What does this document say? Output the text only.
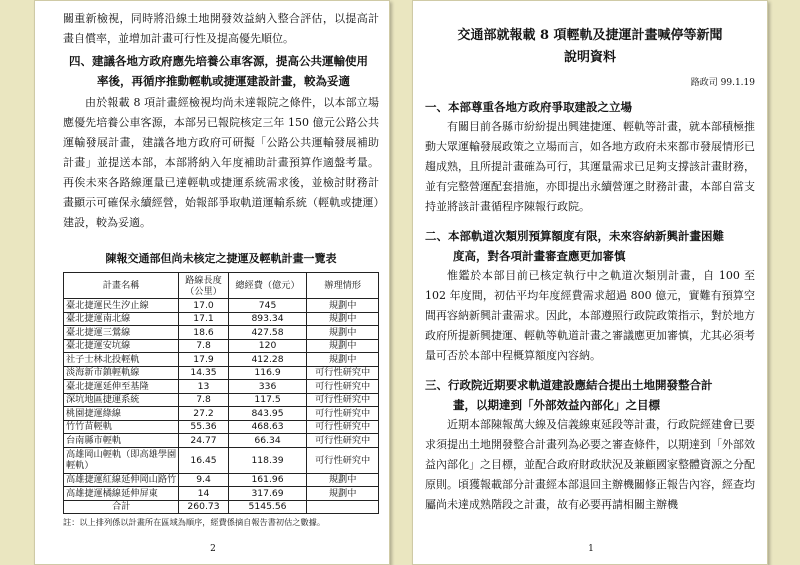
關重新檢視，同時將沿線土地開發效益納入整合評估，以提高計畫自償率，並增加計畫可行性及提高優先順位。

四、建議各地方政府應先培養公車客源，提高公共運輸使用
率後，再循序推動輕軌或捷運建設計畫，較為妥適

由於報載 8 項計畫經檢視均尚未達報院之條件，以本部立場應優先培養公車客源，本部另已報院核定三年 150 億元公路公共運輸發展計畫，建議各地方政府可研擬「公路公共運輸發展補助計畫」並提送本部，本部將納入年度補助計畫預算作適盤考量。再俟未來各路線運量已達輕軌或捷運系統需求後，並檢討財務計畫顯示可確保永續經營，始報部爭取軌道運輸系統（輕軌或捷運）建設，較為妥適。

陳報交通部但尚未核定之捷運及輕軌計畫一覽表
計畫名稱	路線長度（公里）	總經費（億元）	辦理情形
臺北捷運民生汐止線	17.0	745	規劃中
臺北捷運南北線	17.1	893.34	規劃中
臺北捷運三鶯線	18.6	427.58	規劃中
臺北捷運安坑線	7.8	120	規劃中
社子士林北投輕軌	17.9	412.28	規劃中
淡海新市鎮輕軌線	14.35	116.9	可行性研究中
臺北捷運延伸至基隆	13	336	可行性研究中
深坑地區捷運系統	7.8	117.5	可行性研究中
桃園捷運綠線	27.2	843.95	可行性研究中
竹竹苗輕軌	55.36	468.63	可行性研究中
台南縣市輕軌	24.77	66.34	可行性研究中
高雄岡山輕軌（即高雄學園輕軌）	16.45	118.39	可行性研究中
高雄捷運紅線延伸岡山路竹	9.4	161.96	規劃中
高雄捷運橘線延伸屏東	14	317.69	規劃中
合計	260.73	5145.56	
註：以上排列係以計畫所在區域為順序，經費係摘自報告書初估之數據。
2
交通部就報載 8 項輕軌及捷運計畫喊停等新聞
說明資料
路政司 99.1.19
一、本部尊重各地方政府爭取建設之立場

有關目前各縣市紛紛提出興建捷運、輕軌等計畫，就本部積極推動大眾運輸發展政策之立場而言，如各地方政府未來都市發展情形已趨成熟，且所提計畫確為可行，其運量需求已足夠支撐該計畫財務，並有完整營運配套措施，亦即提出永續營運之財務計畫，本部自當支持並將該計畫循程序陳報行政院。

二、本部軌道次類別預算額度有限，未來容納新興計畫困難
度高，對各項計畫審查應更加審慎

惟鑑於本部目前已核定執行中之軌道次類別計畫，自 100 至 102 年度間，初估平均年度經費需求超過 800 億元，實難有預算空間再容納新興計畫需求。因此，本部遵照行政院政策指示，對於地方政府所提新興捷運、輕軌等軌道計畫之審議應更加審慎，尤其必須考量可否於本部中程概算額度內容納。

三、行政院近期要求軌道建設應結合提出土地開發整合計
畫，以期達到「外部效益內部化」之目標

近期本部陳報萬大線及信義線東延段等計畫，行政院經建會已要求須提出土地開發整合計畫列為必要之審查條件，以期達到「外部效益內部化」之目標，並配合政府財政狀況及兼顧國家整體資源之分配原則。頃獲報載部分計畫經本部退回主辦機關修正報告內容，經查均屬尚未達成熟階段之計畫，故有必要再請相關主辦機

1
